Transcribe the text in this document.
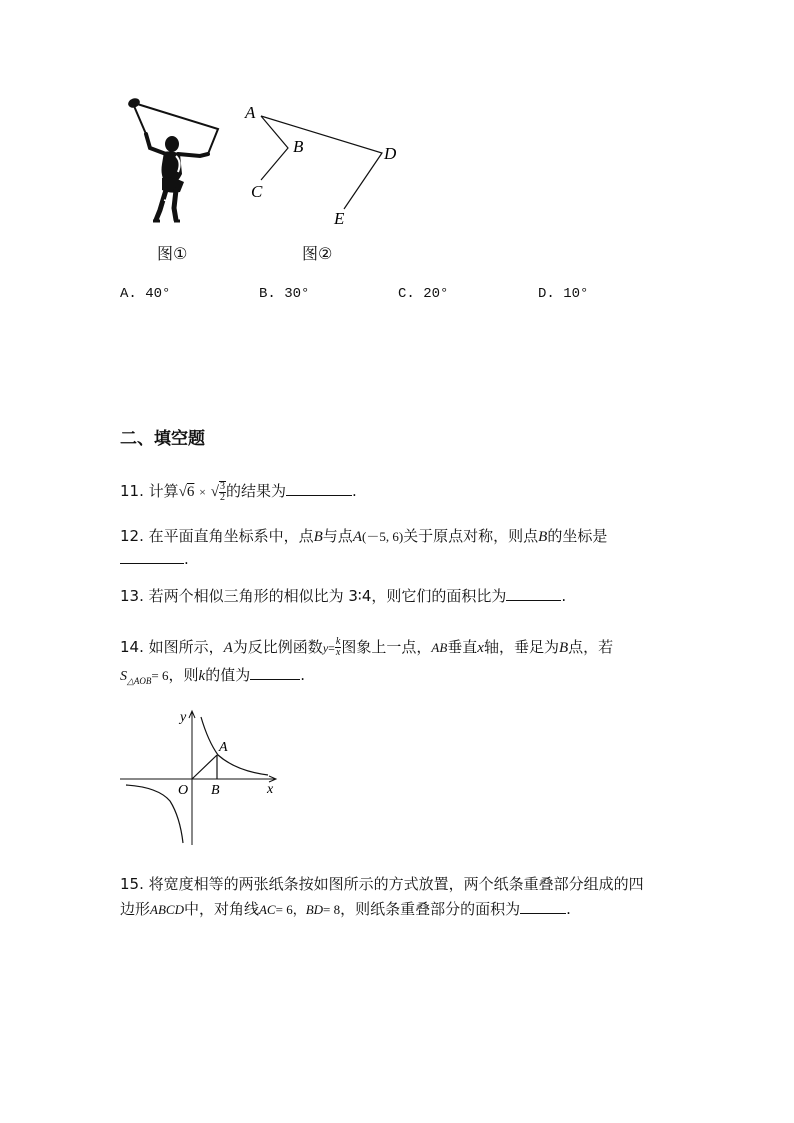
A
B
C
D
E
图①	图②
A. 40°	B. 30°	C. 20°	D. 10°
二、填空题
11. 计算√6 × √ $\frac{3}{2}$ 的结果为	.
12. 在平面直角坐标系中，点B与点A(－5, 6)关于原点对称，则点B的坐标是
.
13. 若两个相似三角形的相似比为 3∶4，则它们的面积比为	.
14. 如图所示，A为反比例函数$y= \frac{k}{x}$ 图象上一点，AB垂直x轴，垂足为B点，若
$S_{\triangle AOB}= 6$，则k的值为	.
y
x
O
A
B
15. 将宽度相等的两张纸条按如图所示的方式放置，两个纸条重叠部分组成的四
边形ABCD中，对角线AC= 6，BD= 8，则纸条重叠部分的面积为	.
